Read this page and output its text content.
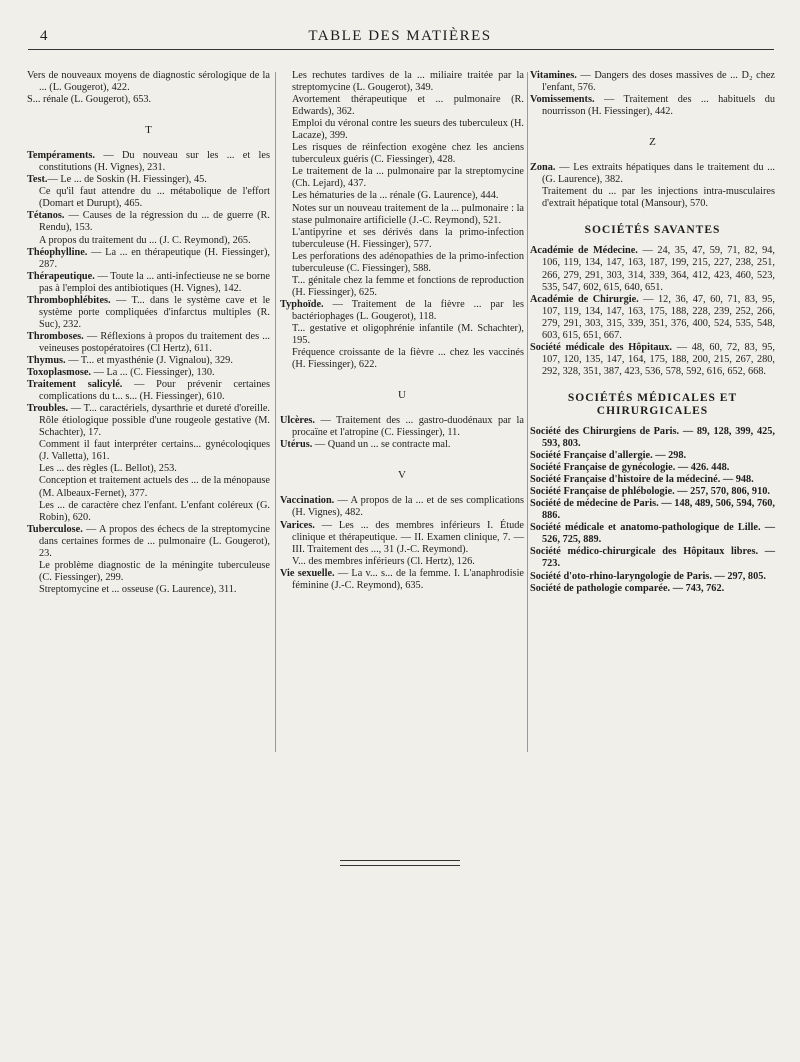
4	TABLE DES MATIÈRES

Vers de nouveaux moyens de diagnostic sérologique de la ... (L. Gougerot), 422.

S... rénale (L. Gougerot), 653.

T

Tempéraments. — Du nouveau sur les ... et les constitutions (H. Vignes), 231.

Test.— Le ... de Soskin (H. Fiessinger), 45.

Ce qu'il faut attendre du ... métabolique de l'effort (Domart et Durupt), 465.

Tétanos. — Causes de la régression du ... de guerre (R. Rendu), 153.

A propos du traitement du ... (J. C. Reymond), 265.

Théophylline. — La ... en thérapeutique (H. Fiessinger), 287.

Thérapeutique. — Toute la ... anti-infectieuse ne se borne pas à l'emploi des antibiotiques (H. Vignes), 142.

Thrombophlébites. — T... dans le système cave et le système porte compliquées d'infarctus multiples (R. Suc), 232.

Thromboses. — Réflexions à propos du traitement des ... veineuses postopératoires (Cl Hertz), 611.

Thymus. — T... et myasthénie (J. Vignalou), 329.

Toxoplasmose. — La ... (C. Fiessinger), 130.

Traitement salicylé. — Pour prévenir certaines complications du t... s... (H. Fiessinger), 610.

Troubles. — T... caractériels, dysarthrie et dureté d'oreille. Rôle étiologique possible d'une rougeole gestative (M. Schachter), 17.

Comment il faut interpréter certains... gynécoloqiques (J. Valletta), 161.

Les ... des règles (L. Bellot), 253.

Conception et traitement actuels des ... de la ménopause (M. Albeaux-Fernet), 377.

Les ... de caractère chez l'enfant. L'enfant coléreux (G. Robin), 620.

Tuberculose. — A propos des échecs de la streptomycine dans certaines formes de ... pulmonaire (L. Gougerot), 23.

Le problème diagnostic de la méningite tuberculeuse (C. Fiessinger), 299.

Streptomycine et ... osseuse (G. Laurence), 311.

Les rechutes tardives de la ... miliaire traitée par la streptomycine (L. Gougerot), 349.

Avortement thérapeutique et ... pulmonaire (R. Edwards), 362.

Emploi du véronal contre les sueurs des tuberculeux (H. Lacaze), 399.

Les risques de réinfection exogène chez les anciens tuberculeux guéris (C. Fiessinger), 428.

Le traitement de la ... pulmonaire par la streptomycine (Ch. Lejard), 437.

Les hématuries de la ... rénale (G. Laurence), 444.

Notes sur un nouveau traitement de la ... pulmonaire : la stase pulmonaire artificielle (J.-C. Reymond), 521.

L'antipyrine et ses dérivés dans la primo-infection tuberculeuse (H. Fiessinger), 577.

Les perforations des adénopathies de la primo-infection tuberculeuse (C. Fiessinger), 588.

T... génitale chez la femme et fonctions de reproduction (H. Fiessinger), 625.

Typhoïde. — Traitement de la fièvre ... par les bactériophages (L. Gougerot), 118.

T... gestative et oligophrénie infantile (M. Schachter), 195.

Fréquence croissante de la fièvre ... chez les vaccinés (H. Fiessinger), 622.

U

Ulcères. — Traitement des ... gastro-duodénaux par la procaïne et l'atropine (C. Fiessinger), 11.

Utérus. — Quand un ... se contracte mal.

V

Vaccination. — A propos de la ... et de ses complications (H. Vignes), 482.

Varices. — Les ... des membres inférieurs I. Étude clinique et thérapeutique. — II. Examen clinique, 7. — III. Traitement des ..., 31 (J.-C. Reymond).

V... des membres inférieurs (Cl. Hertz), 126.

Vie sexuelle. — La v... s... de la femme. I. L'anaphrodisie féminine (J.-C. Reymond), 635.

Vitamines. — Dangers des doses massives de ... D₂ chez l'enfant, 576.

Vomissements. — Traitement des ... habituels du nourrisson (H. Fiessinger), 442.

Z

Zona. — Les extraits hépatiques dans le traitement du ... (G. Laurence), 382.

Traitement du ... par les injections intra-musculaires d'extrait hépatique total (Mansour), 570.

SOCIÉTÉS SAVANTES

Académie de Médecine. — 24, 35, 47, 59, 71, 82, 94, 106, 119, 134, 147, 163, 187, 199, 215, 227, 238, 251, 266, 279, 291, 303, 314, 339, 364, 412, 423, 460, 523, 535, 547, 602, 615, 640, 651.

Académie de Chirurgie. — 12, 36, 47, 60, 71, 83, 95, 107, 119, 134, 147, 163, 175, 188, 228, 239, 252, 266, 279, 291, 303, 315, 339, 351, 376, 400, 524, 535, 548, 603, 615, 651, 667.

Société médicale des Hôpitaux. — 48, 60, 72, 83, 95, 107, 120, 135, 147, 164, 175, 188, 200, 215, 267, 280, 292, 328, 351, 387, 423, 536, 578, 592, 616, 652, 668.

SOCIÉTÉS MÉDICALES ET CHIRURGICALES

Société des Chirurgiens de Paris. — 89, 128, 399, 425, 593, 803.

Société Française d'allergie. — 298.

Société Française de gynécologie. — 426. 448.

Société Française d'histoire de la médeciné. — 948.

Société Française de phlébologie. — 257, 570, 806, 910.

Société de médecine de Paris. — 148, 489, 506, 594, 760, 886.

Société médicale et anatomo-pathologique de Lille. — 526, 725, 889.

Société médico-chirurgicale des Hôpitaux libres. — 723.

Société d'oto-rhino-laryngologie de Paris. — 297, 805.

Société de pathologie comparée. — 743, 762.
